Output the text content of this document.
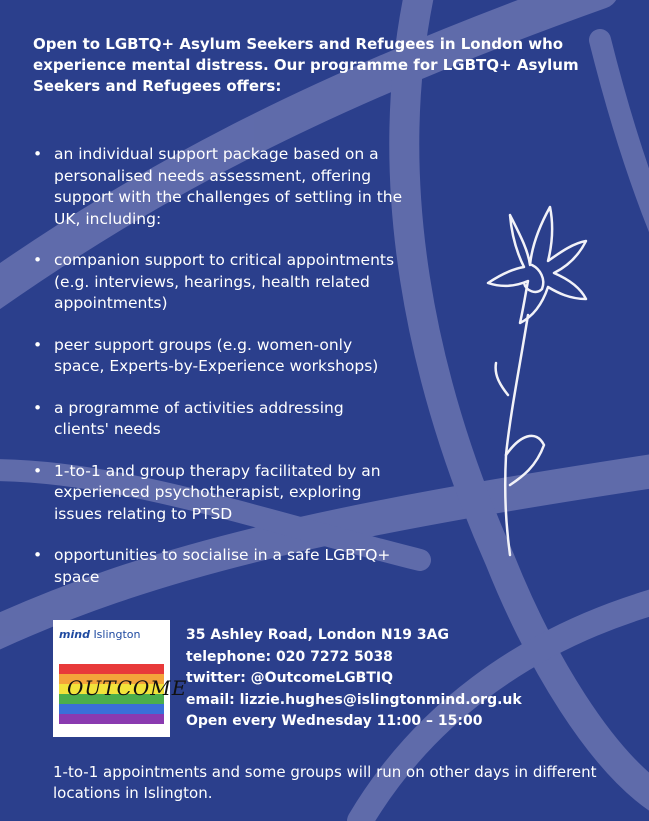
Open to LGBTQ+ Asylum Seekers and Refugees in London who experience mental distress. Our programme for LGBTQ+ Asylum Seekers and Refugees offers:
• an individual support package based on a personalised needs assessment, offering support with the challenges of settling in the UK, including:
• companion support to critical appointments (e.g. interviews, hearings, health related appointments)
• peer support groups (e.g. women-only space, Experts-by-Experience workshops)
• a programme of activities addressing clients' needs
• 1-to-1 and group therapy facilitated by an experienced psychotherapist, exploring issues relating to PTSD
• opportunities to socialise in a safe LGBTQ+ space
mind Islington
OUTCOME
35 Ashley Road, London N19 3AG
telephone: 020 7272 5038
twitter: @OutcomeLGBTIQ
email: lizzie.hughes@islingtonmind.org.uk
Open every Wednesday 11:00 – 15:00
1-to-1 appointments and some groups will run on other days in different locations in Islington.
